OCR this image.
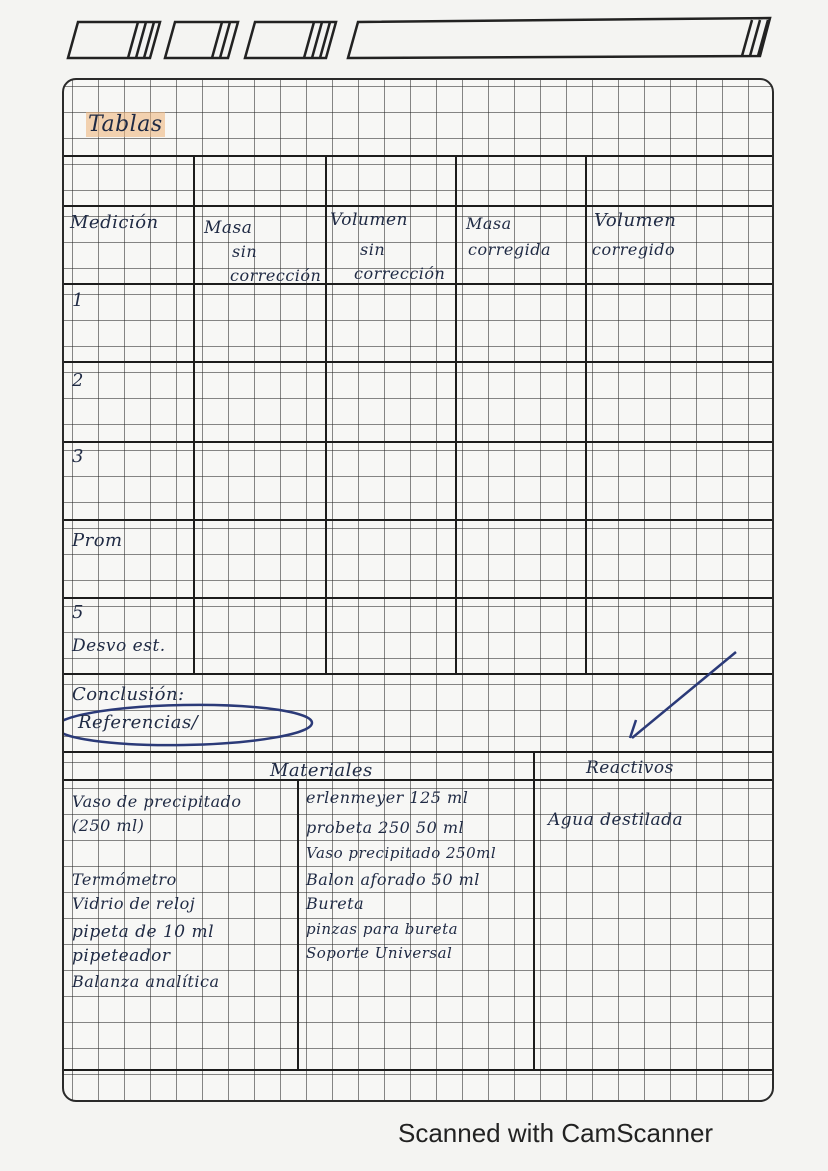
Tablas
Medición	Masa
sin
corrección
Volumen
sin
corrección
Masa
corregida
Volumen
corregido
1
2
3
Prom
5
Desvo est.
Conclusión:
Referencias/
Materiales	Reactivos
Vaso de precipitado
(250 ml)
Termómetro
Vidrio de reloj
pipeta de 10 ml
pipeteador
Balanza analítica
erlenmeyer 125 ml
probeta 250 50 ml
Vaso precipitado 250ml
Balon aforado 50 ml
Bureta
pinzas para bureta
Soporte Universal
Agua destilada
Scanned with CamScanner
